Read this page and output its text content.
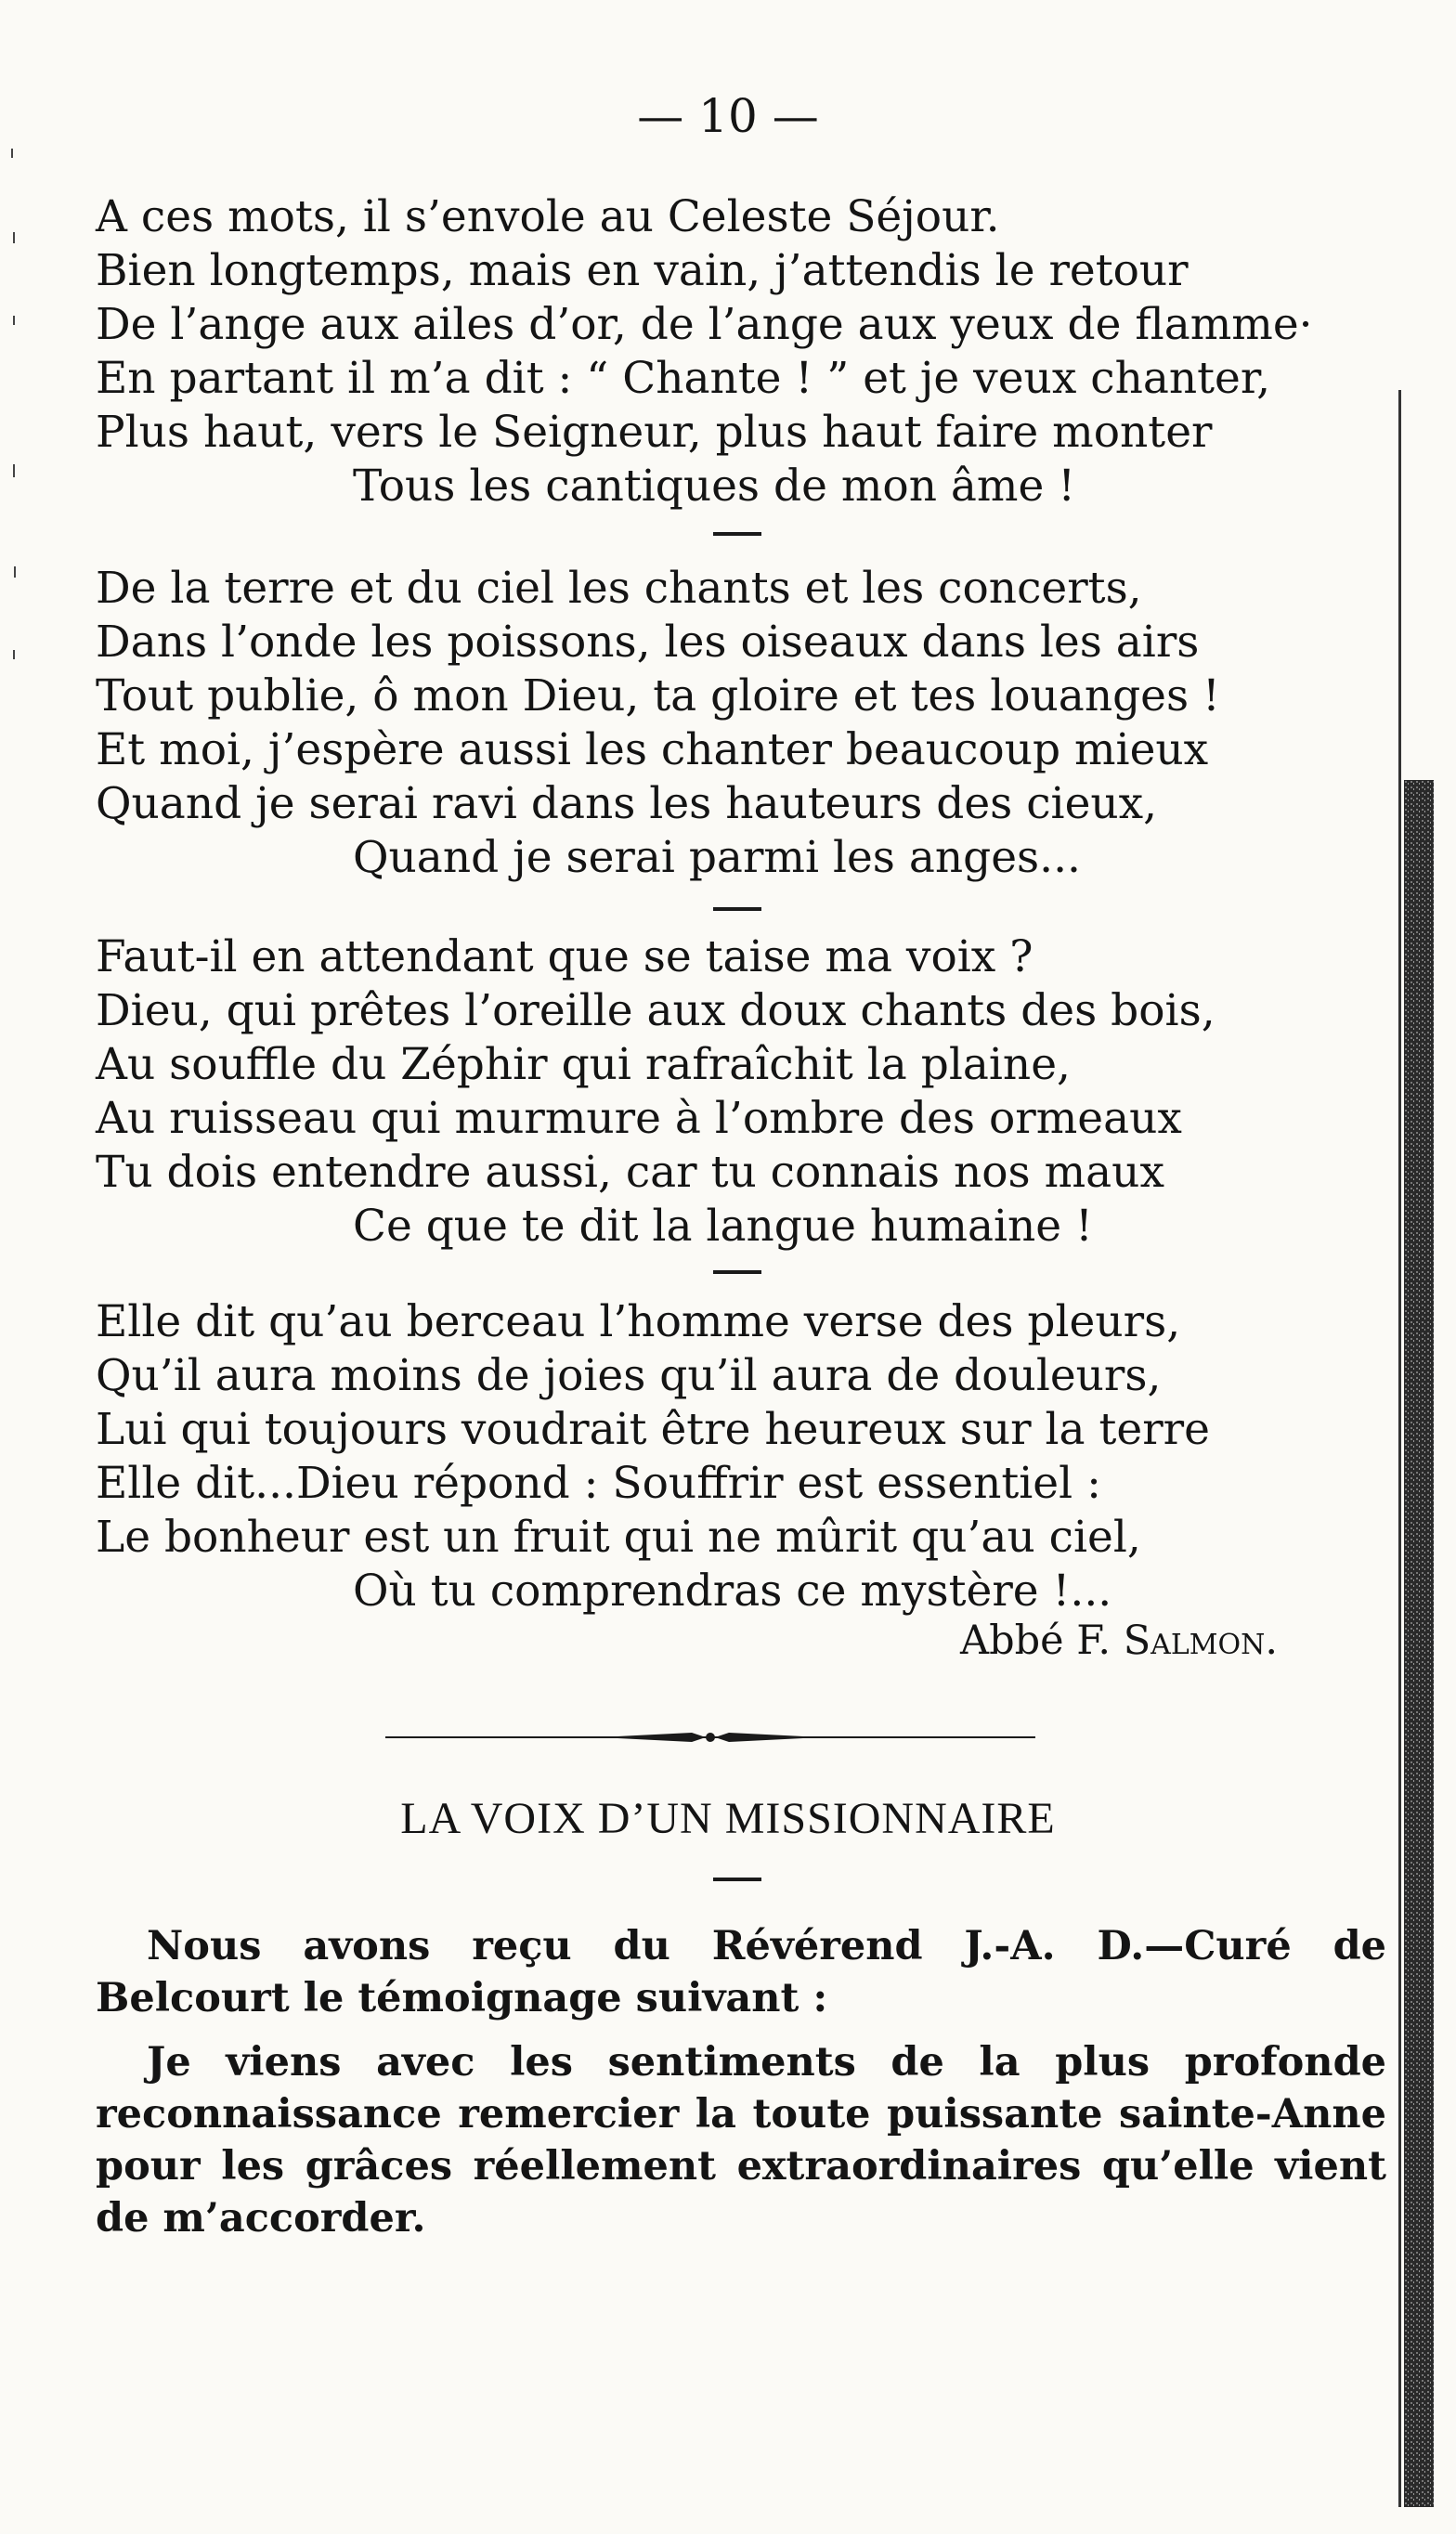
— 10 —
A ces mots, il s’envole au Celeste Séjour.
Bien longtemps, mais en vain, j’attendis le retour
De l’ange aux ailes d’or, de l’ange aux yeux de flamme·
En partant il m’a dit : “ Chante ! ” et je veux chanter,
Plus haut, vers le Seigneur, plus haut faire monter
Tous les cantiques de mon âme !
De la terre et du ciel les chants et les concerts,
Dans l’onde les poissons, les oiseaux dans les airs
Tout publie, ô mon Dieu, ta gloire et tes louanges !
Et moi, j’espère aussi les chanter beaucoup mieux
Quand je serai ravi dans les hauteurs des cieux,
Quand je serai parmi les anges...
Faut-il en attendant que se taise ma voix ?
Dieu, qui prêtes l’oreille aux doux chants des bois,
Au souffle du Zéphir qui rafraîchit la plaine,
Au ruisseau qui murmure à l’ombre des ormeaux
Tu dois entendre aussi, car tu connais nos maux
Ce que te dit la langue humaine !
Elle dit qu’au berceau l’homme verse des pleurs,
Qu’il aura moins de joies qu’il aura de douleurs,
Lui qui toujours voudrait être heureux sur la terre
Elle dit...Dieu répond : Souffrir est essentiel :
Le bonheur est un fruit qui ne mûrit qu’au ciel,
Où tu comprendras ce mystère !...
Abbé F. Salmon.
LA VOIX D’UN MISSIONNAIRE
Nous avons reçu du Révérend J.-A. D.—Curé de Belcourt le témoignage suivant :
Je viens avec les sentiments de la plus profonde reconnaissance remercier la toute puissante sainte-Anne pour les grâces réellement extraordinaires qu’elle vient de m’accorder.
